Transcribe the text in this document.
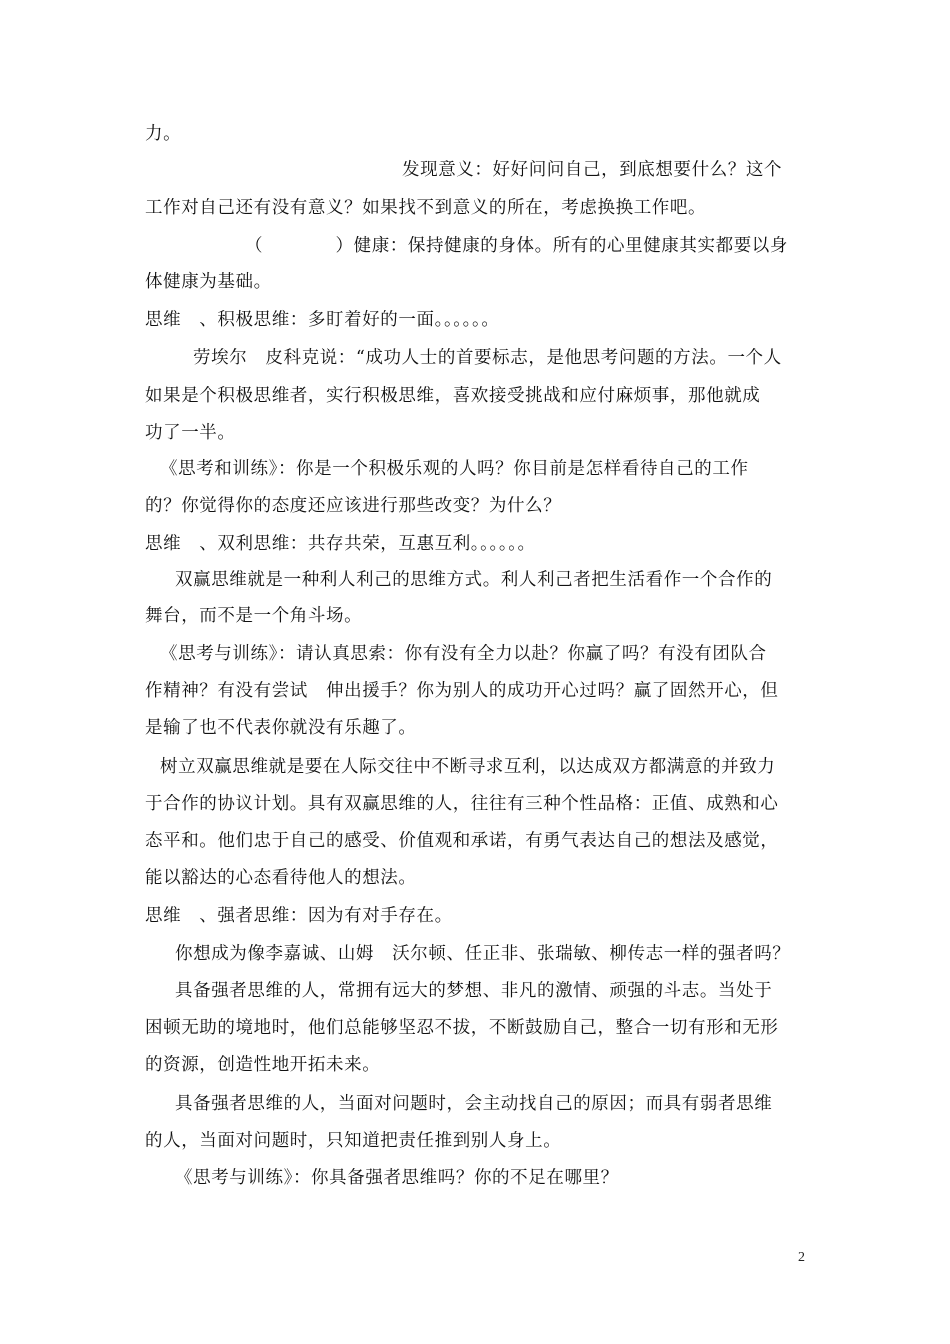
力。
发现意义：好好问问自己，到底想要什么？这个
工作对自己还有没有意义？如果找不到意义的所在，考虑换换工作吧。
（　　　　）健康：保持健康的身体。所有的心里健康其实都要以身
体健康为基础。
思维　、积极思维：多盯着好的一面。。。。。。
劳埃尔　皮科克说：“成功人士的首要标志，是他思考问题的方法。一个人
如果是个积极思维者，实行积极思维，喜欢接受挑战和应付麻烦事，那他就成
功了一半。
《思考和训练》：你是一个积极乐观的人吗？你目前是怎样看待自己的工作
的？你觉得你的态度还应该进行那些改变？为什么？
思维　、双利思维：共存共荣，互惠互利。。。。。。
双赢思维就是一种利人利己的思维方式。利人利己者把生活看作一个合作的
舞台，而不是一个角斗场。
《思考与训练》：请认真思索：你有没有全力以赴？你赢了吗？有没有团队合
作精神？有没有尝试　伸出援手？你为别人的成功开心过吗？赢了固然开心，但
是输了也不代表你就没有乐趣了。
树立双赢思维就是要在人际交往中不断寻求互利，以达成双方都满意的并致力
于合作的协议计划。具有双赢思维的人，往往有三种个性品格：正值、成熟和心
态平和。他们忠于自己的感受、价值观和承诺，有勇气表达自己的想法及感觉，
能以豁达的心态看待他人的想法。
思维　、强者思维：因为有对手存在。
你想成为像李嘉诚、山姆　沃尔顿、任正非、张瑞敏、柳传志一样的强者吗？
具备强者思维的人，常拥有远大的梦想、非凡的激情、顽强的斗志。当处于
困顿无助的境地时，他们总能够坚忍不拔，不断鼓励自己，整合一切有形和无形
的资源，创造性地开拓未来。
具备强者思维的人，当面对问题时，会主动找自己的原因；而具有弱者思维
的人，当面对问题时，只知道把责任推到别人身上。
《思考与训练》：你具备强者思维吗？你的不足在哪里？
2
